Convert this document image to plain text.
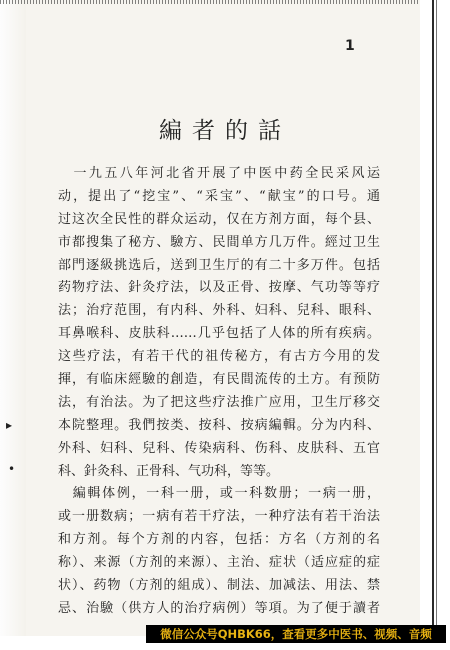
1
編者的話
　一九五八年河北省开展了中医中药全民采风运
动，提出了“挖宝”、“采宝”、“献宝”的口号。通
过这次全民性的群众运动，仅在方剂方面，每个县、
市都搜集了秘方、驗方、民間单方几万件。經过卫生
部門逐級挑选后，送到卫生厅的有二十多万件。包括
药物疗法、針灸疗法，以及正骨、按摩、气功等等疗
法；治疗范围，有内科、外科、妇科、兒科、眼科、
耳鼻喉科、皮肤科……几乎包括了人体的所有疾病。
这些疗法，有若干代的祖传秘方，有古方今用的发
揮，有临床經驗的創造，有民間流传的土方。有预防
法，有治法。为了把这些疗法推广应用，卫生厅移交
本院整理。我們按类、按科、按病編輯。分为内科、
外科、妇科、兒科、传染病科、伤科、皮肤科、五官
科、針灸科、正骨科、气功科，等等。
　編輯体例，一科一册，或一科数册；一病一册，
或一册数病；一病有若干疗法，一种疗法有若干治法
和方剂。每个方剂的内容，包括：方名（方剂的名
称）、来源（方剂的来源）、主治、症状（适应症的症
状）、药物（方剂的組成）、制法、加减法、用法、禁
忌、治驗（供方人的治疗病例）等項。为了便于讀者
▸
•
微信公众号QHBK66，查看更多中医书、视频、音频
